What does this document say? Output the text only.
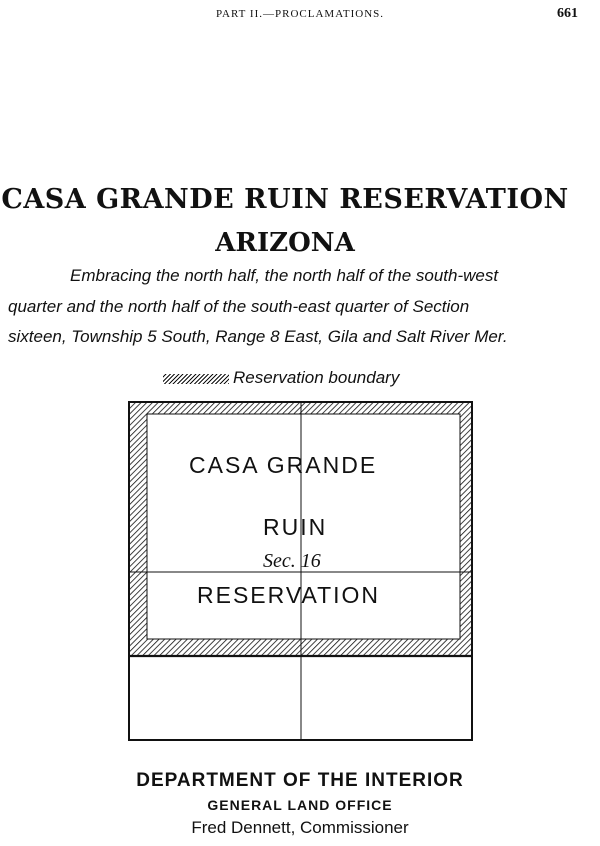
PART II.—PROCLAMATIONS.	661
CASA GRANDE RUIN RESERVATION
ARIZONA
Embracing the north half, the north half of the south-west
quarter and the north half of the south-east quarter of Section
sixteen, Township 5 South, Range 8 East, Gila and Salt River Mer.
Reservation boundary
CASA GRANDE
RUIN
Sec. 16
RESERVATION
DEPARTMENT OF THE INTERIOR
GENERAL LAND OFFICE
Fred Dennett, Commissioner
